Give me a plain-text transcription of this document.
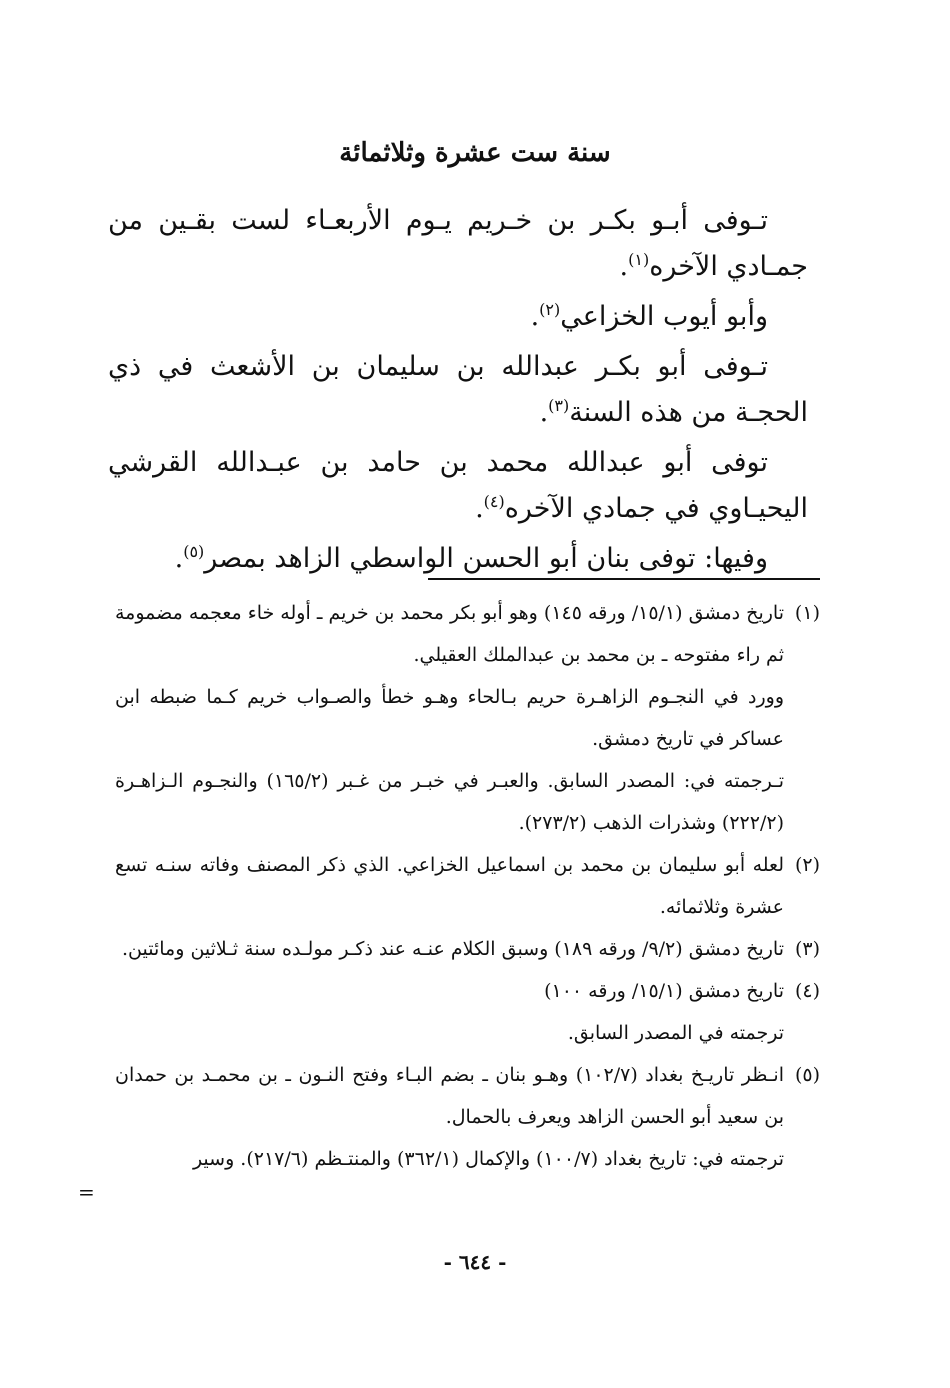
سنة ست عشرة وثلاثمائة

تـوفى أبـو بكـر بن خـريم يـوم الأربعـاء لست بقـين من جمـادي الآخره$^{(١)}$.

وأبو أيوب الخزاعي$^{(٢)}$.

تـوفى أبو بكـر عبدالله بن سليمان بن الأشعث في ذي الحجـة من هذه السنة$^{(٣)}$.

توفى أبو عبدالله محمد بن حامد بن عبـدالله القرشي اليحيـاوي في جمادي الآخره$^{(٤)}$.

وفيها: توفى بنان أبو الحسن الواسطي الزاهد بمصر$^{(٥)}$.

(١)تاريخ دمشق (١٥/١/ ورقه ١٤٥) وهو أبو بكر محمد بن خريم ـ أوله خاء معجمه مضمومة ثم راء مفتوحه ـ بن محمد بن عبدالملك العقيلي.

وورد في النجـوم الزاهـرة حريم بـالحاء وهـو خطأ والصـواب خريم كـما ضبطه ابن عساكر في تاريخ دمشق.

تـرجمته في: المصدر السابق. والعبـر في خبـر من غـبر (١٦٥/٢) والنجـوم الـزاهـرة (٢٢٢/٢) وشذرات الذهب (٢٧٣/٢).

(٢)لعله أبو سليمان بن محمد بن اسماعيل الخزاعي. الذي ذكر المصنف وفاته سنـه تسع عشرة وثلاثمائه.

(٣)تاريخ دمشق (٩/٢/ ورقه ١٨٩) وسبق الكلام عنـه عند ذكـر مولـده سنة ثـلاثين ومائتين.

(٤)تاريخ دمشق (١٥/١/ ورقه ١٠٠)

ترجمته في المصدر السابق.

(٥)انـظر تاريـخ بغداد (١٠٢/٧) وهـو بنان ـ بضم البـاء وفتح النـون ـ بن محمـد بن حمدان بن سعيد أبو الحسن الزاهد ويعرف بالحمال.

ترجمته في: تاريخ بغداد (١٠٠/٧) والإكمال (٣٦٢/١) والمنتـظم (٢١٧/٦). وسير

=
- ٦٤٤ -
